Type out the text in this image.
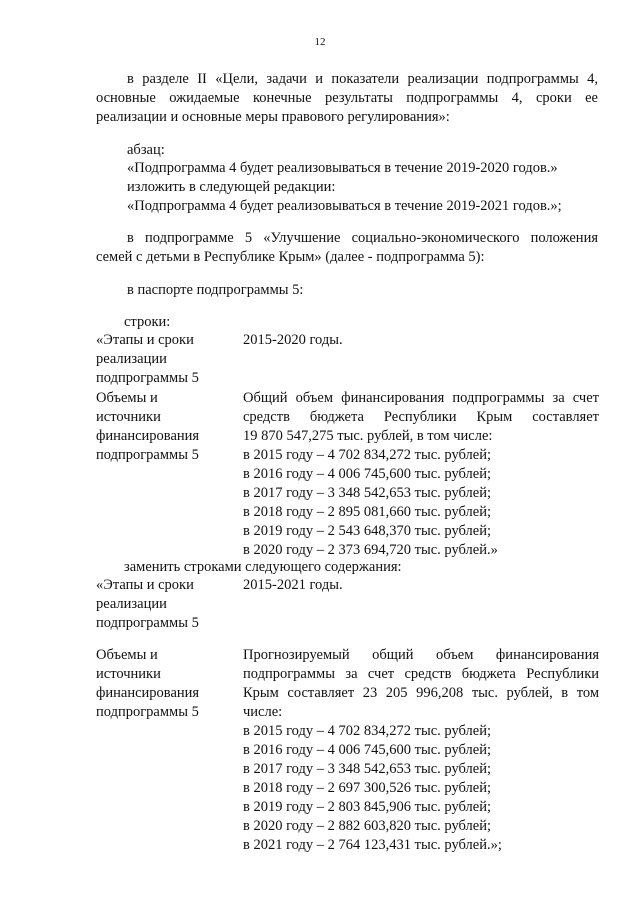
12
в разделе II «Цели, задачи и показатели реализации подпрограммы 4,
основные ожидаемые конечные результаты подпрограммы 4, сроки ее
реализации и основные меры правового регулирования»:
абзац:
«Подпрограмма 4 будет реализовываться в течение 2019-2020 годов.»
изложить в следующей редакции:
«Подпрограмма 4 будет реализовываться в течение 2019-2021 годов.»;
в подпрограмме 5 «Улучшение социально-экономического положения
семей с детьми в Республике Крым» (далее - подпрограмма 5):
в паспорте подпрограммы 5:
строки:
«Этапы и сроки
реализации
подпрограммы 5
2015-2020 годы.
Объемы и
источники
финансирования
подпрограммы 5
Общий объем финансирования подпрограммы за счет
средств бюджета Республики Крым составляет
19 870 547,275 тыс. рублей, в том числе:
в 2015 году – 4 702 834,272 тыс. рублей;
в 2016 году – 4 006 745,600 тыс. рублей;
в 2017 году – 3 348 542,653 тыс. рублей;
в 2018 году – 2 895 081,660 тыс. рублей;
в 2019 году – 2 543 648,370 тыс. рублей;
в 2020 году – 2 373 694,720 тыс. рублей.»
заменить строками следующего содержания:
«Этапы и сроки
реализации
подпрограммы 5
2015-2021 годы.
Объемы и
источники
финансирования
подпрограммы 5
Прогнозируемый общий объем финансирования
подпрограммы за счет средств бюджета Республики
Крым составляет 23 205 996,208 тыс. рублей, в том
числе:
в 2015 году – 4 702 834,272 тыс. рублей;
в 2016 году – 4 006 745,600 тыс. рублей;
в 2017 году – 3 348 542,653 тыс. рублей;
в 2018 году – 2 697 300,526 тыс. рублей;
в 2019 году – 2 803 845,906 тыс. рублей;
в 2020 году – 2 882 603,820 тыс. рублей;
в 2021 году – 2 764 123,431 тыс. рублей.»;
